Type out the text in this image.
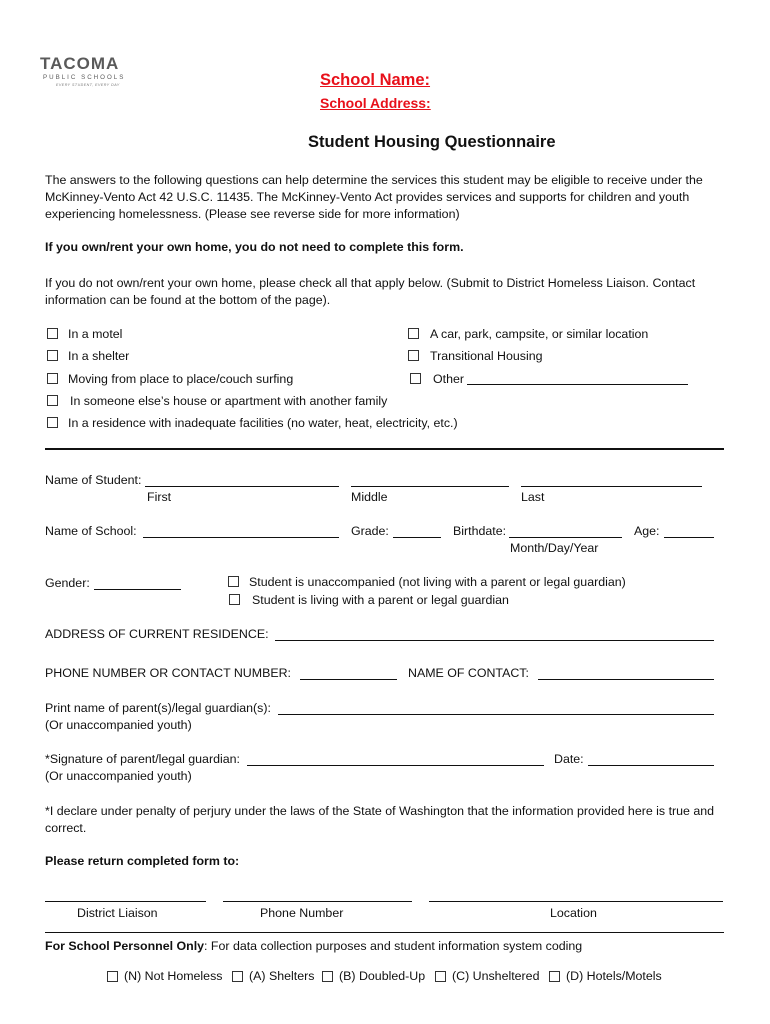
TACOMA
PUBLIC SCHOOLS
EVERY STUDENT, EVERY DAY	School Name:
School Address:
Student Housing Questionnaire
The answers to the following questions can help determine the services this student may be eligible to receive under the McKinney-Vento Act 42 U.S.C. 11435. The McKinney-Vento Act provides services and supports for children and youth experiencing homelessness. (Please see reverse side for more information)
If you own/rent your own home, you do not need to complete this form.
If you do not own/rent your own home, please check all that apply below. (Submit to District Homeless Liaison. Contact information can be found at the bottom of the page).
In a motel	A car, park, campsite, or similar location
In a shelter	Transitional Housing
Moving from place to place/couch surfing	Other
In someone else’s house or apartment with another family
In a residence with inadequate facilities (no water, heat, electricity, etc.)
Name of Student:
First	Middle	Last
Name of School:	Grade:	Birthdate:	Age:
Month/Day/Year
Gender:	Student is unaccompanied (not living with a parent or legal guardian)
Student is living with a parent or legal guardian
ADDRESS OF CURRENT RESIDENCE:
PHONE NUMBER OR CONTACT NUMBER:	NAME OF CONTACT:
Print name of parent(s)/legal guardian(s):
(Or unaccompanied youth)
*Signature of parent/legal guardian:	Date:
(Or unaccompanied youth)
*I declare under penalty of perjury under the laws of the State of Washington that the information provided here is true and correct.
Please return completed form to:
District Liaison	Phone Number	Location
For School Personnel Only: For data collection purposes and student information system coding
(N) Not Homeless (A) Shelters (B) Doubled-Up (C) Unsheltered (D) Hotels/Motels
